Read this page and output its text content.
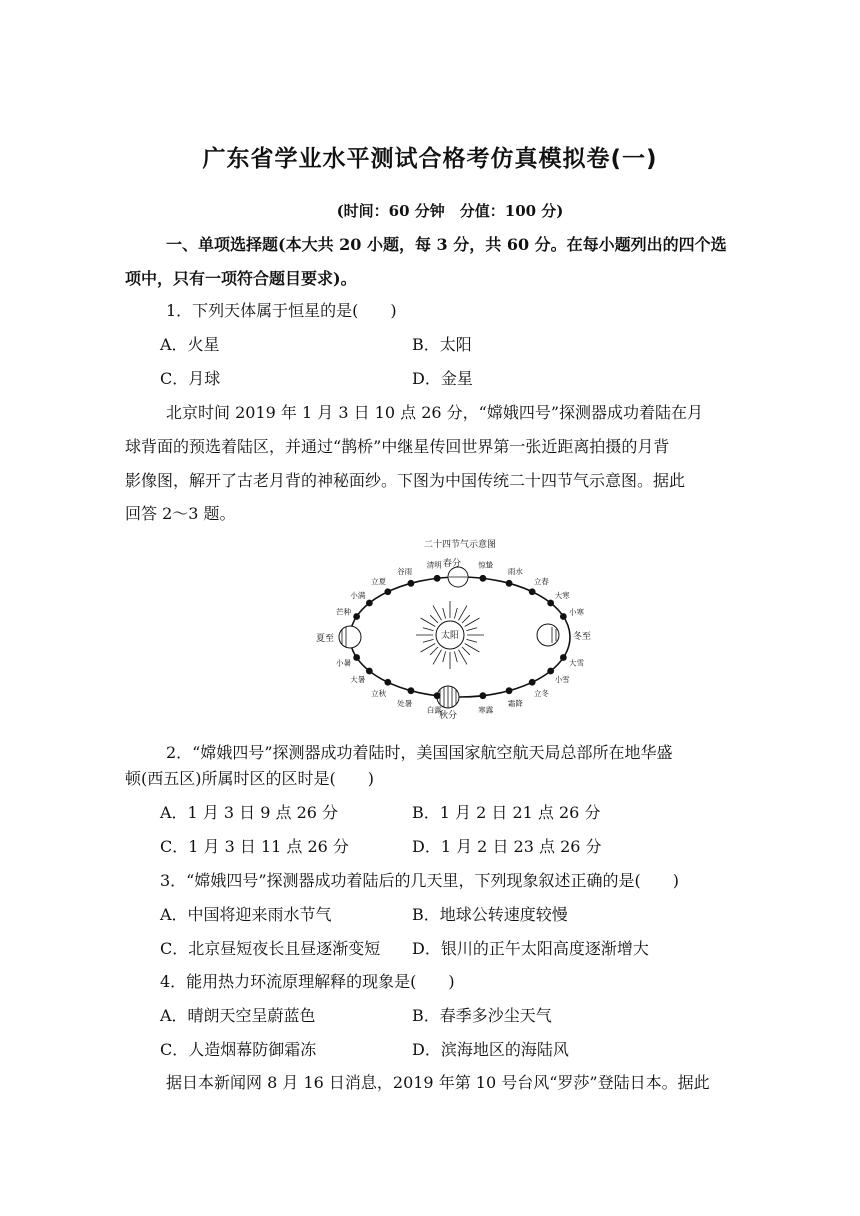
广东省学业水平测试合格考仿真模拟卷(一)
(时间：60 分钟　分值：100 分)
一、单项选择题(本大共 20 小题，每 3 分，共 60 分。在每小题列出的四个选
项中，只有一项符合题目要求)。
1．下列天体属于恒星的是(　　)
A．火星	B．太阳
C．月球	D．金星
北京时间 2019 年 1 月 3 日 10 点 26 分，“嫦娥四号”探测器成功着陆在月
球背面的预选着陆区，并通过“鹊桥”中继星传回世界第一张近距离拍摄的月背
影像图，解开了古老月背的神秘面纱。下图为中国传统二十四节气示意图。据此
回答 2～3 题。
二十四节气示意图
太阳
春分
夏至
秋分
冬至
芒种
小满
立夏
谷雨
清明	惊蛰
雨水
立春
大寒
小寒
小暑
大暑
立秋
处暑
白露	寒露
霜降
立冬
小雪
大雪
2．“嫦娥四号”探测器成功着陆时，美国国家航空航天局总部所在地华盛
顿(西五区)所属时区的区时是(　　)
A．1 月 3 日 9 点 26 分	B．1 月 2 日 21 点 26 分
C．1 月 3 日 11 点 26 分	D．1 月 2 日 23 点 26 分
3．“嫦娥四号”探测器成功着陆后的几天里，下列现象叙述正确的是(　　)
A．中国将迎来雨水节气	B．地球公转速度较慢
C．北京昼短夜长且昼逐渐变短 D．银川的正午太阳高度逐渐增大
4．能用热力环流原理解释的现象是(　　)
A．晴朗天空呈蔚蓝色	B．春季多沙尘天气
C．人造烟幕防御霜冻	D．滨海地区的海陆风
据日本新闻网 8 月 16 日消息，2019 年第 10 号台风“罗莎”登陆日本。据此
